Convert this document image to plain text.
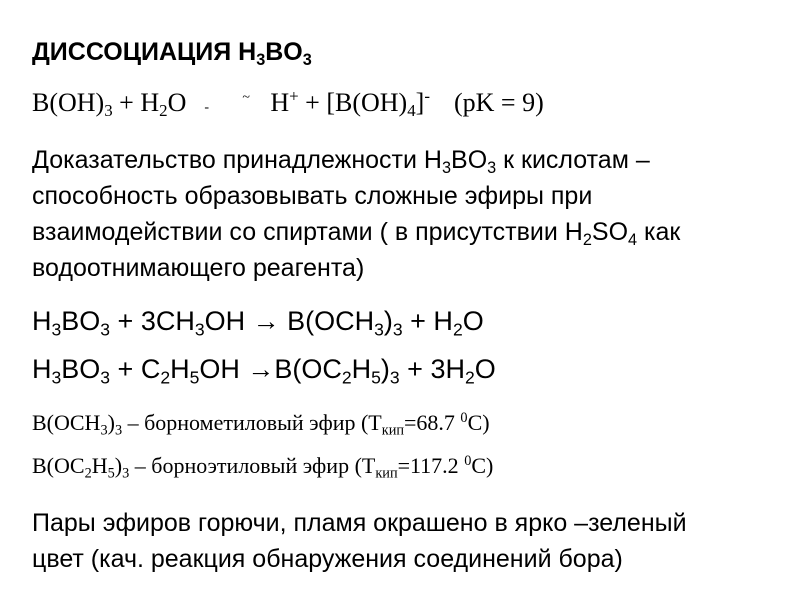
ДИССОЦИАЦИЯ $H_3BO_3$
$B(OH)_3 + H_2O$ -
~ $H^+ + [B(OH)_4]^-$ (pK = 9)
Доказательство принадлежности $H_3BO_3$ к кислотам –
способность образовывать сложные эфиры при
взаимодействии со спиртами ( в присутствии $H_2SO_4$ как
водоотнимающего реагента)
$H_3BO_3 + 3CH_3OH \to B(OCH_3)_3 + H_2O$
$H_3BO_3 + C_2H_5OH \to B(OC_2H_5)_3 + 3H_2O$
$B(OCH_3)_3$ – борнометиловый эфир ($T_{кип}=68.7$ $^0$C)
$B(OC_2H_5)_3$ – борноэтиловый эфир ($T_{кип}=117.2$ $^0$C)
Пары эфиров горючи, пламя окрашено в ярко –зеленый
цвет (кач. реакция обнаружения соединений бора)
